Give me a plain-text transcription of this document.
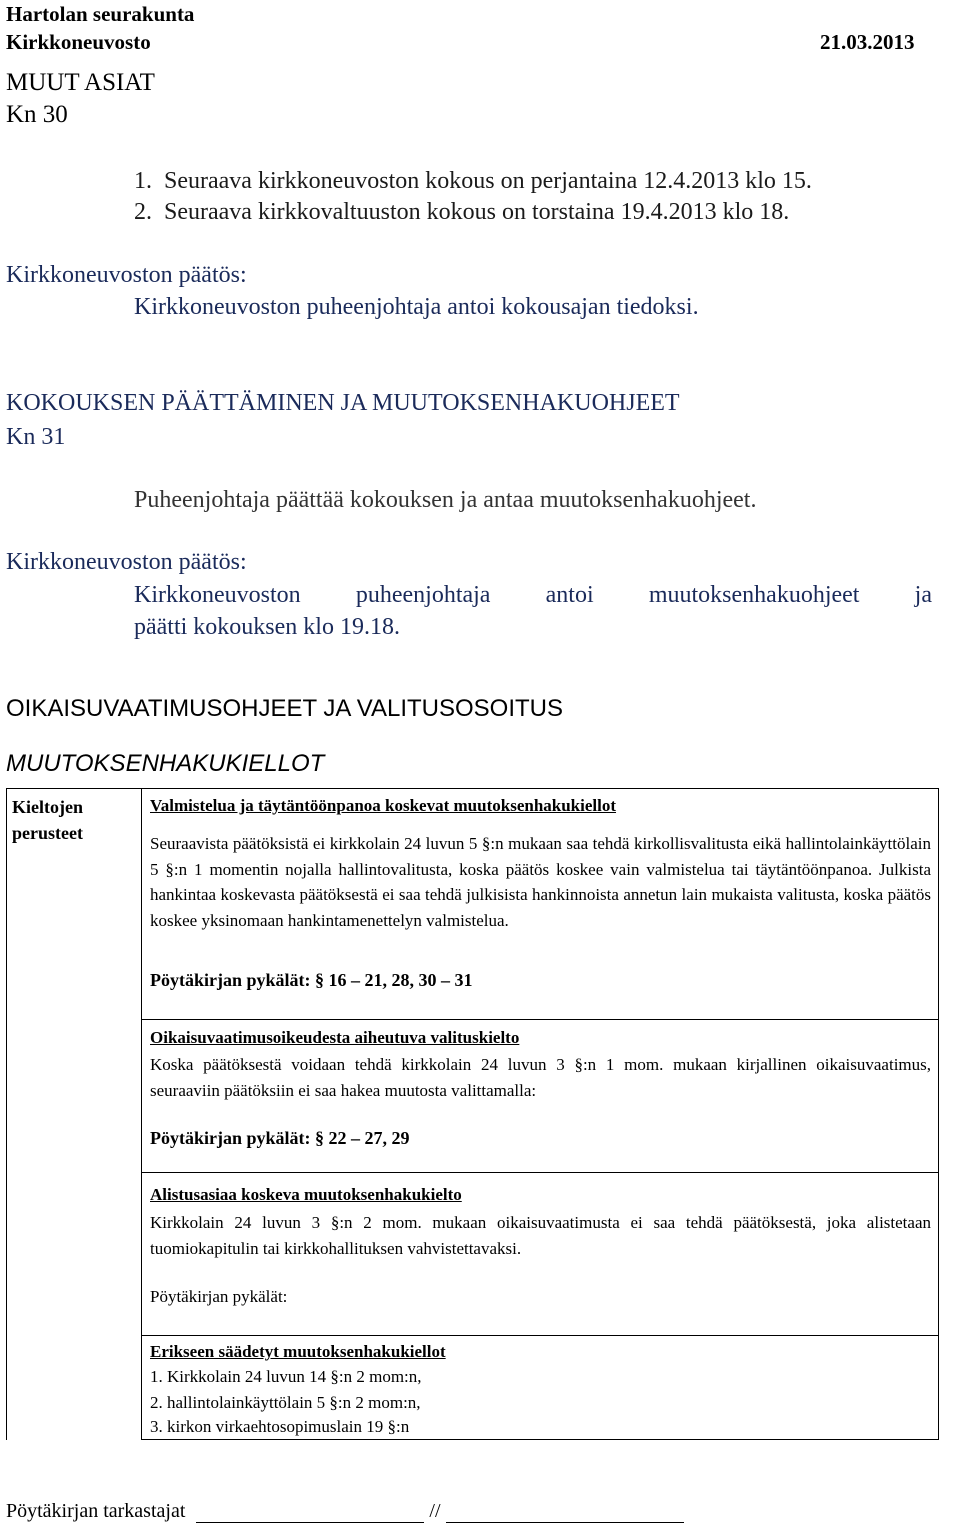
Hartolan seurakunta
Kirkkoneuvosto	21.03.2013
MUUT ASIAT
Kn 30
1.  Seuraava kirkkoneuvoston kokous on perjantaina 12.4.2013 klo 15.
2.  Seuraava kirkkovaltuuston kokous on torstaina 19.4.2013 klo 18.
Kirkkoneuvoston päätös:
Kirkkoneuvoston puheenjohtaja antoi kokousajan tiedoksi.
KOKOUKSEN PÄÄTTÄMINEN JA MUUTOKSENHAKUOHJEET
Kn 31
Puheenjohtaja päättää kokouksen ja antaa muutoksenhakuohjeet.
Kirkkoneuvoston päätös:
Kirkkoneuvoston puheenjohtaja antoi muutoksenhakuohjeet ja
päätti kokouksen klo 19.18.
OIKAISUVAATIMUSOHJEET JA VALITUSOSOITUS
MUUTOKSENHAKUKIELLOT
Kieltojen
perusteet
Valmistelua ja täytäntöönpanoa koskevat muutoksenhakukiellot
Seuraavista päätöksistä ei kirkkolain 24 luvun 5 §:n mukaan saa tehdä kirkollisvalitusta eikä hallintolainkäyttölain 5 §:n 1 momentin nojalla hallintovalitusta, koska päätös koskee vain valmistelua tai täytäntöönpanoa. Julkista hankintaa koskevasta päätöksestä ei saa tehdä julkisista hankinnoista annetun lain mukaista valitusta, koska päätös koskee yksinomaan hankintamenettelyn valmistelua.
Pöytäkirjan pykälät: § 16 – 21, 28, 30 – 31
Oikaisuvaatimusoikeudesta aiheutuva valituskielto
Koska päätöksestä voidaan tehdä kirkkolain 24 luvun 3 §:n 1 mom. mukaan kirjallinen oikaisuvaatimus, seuraaviin päätöksiin ei saa hakea muutosta valittamalla:
Pöytäkirjan pykälät: § 22 – 27, 29
Alistusasiaa koskeva muutoksenhakukielto
Kirkkolain 24 luvun 3 §:n 2 mom. mukaan oikaisuvaatimusta ei saa tehdä päätöksestä, joka alistetaan tuomiokapitulin tai kirkkohallituksen vahvistettavaksi.
Pöytäkirjan pykälät:
Erikseen säädetyt muutoksenhakukiellot
1. Kirkkolain 24 luvun 14 §:n 2 mom:n,
2. hallintolainkäyttölain 5 §:n 2 mom:n,
3. kirkon virkaehtosopimuslain 19 §:n
Pöytäkirjan tarkastajat	//
